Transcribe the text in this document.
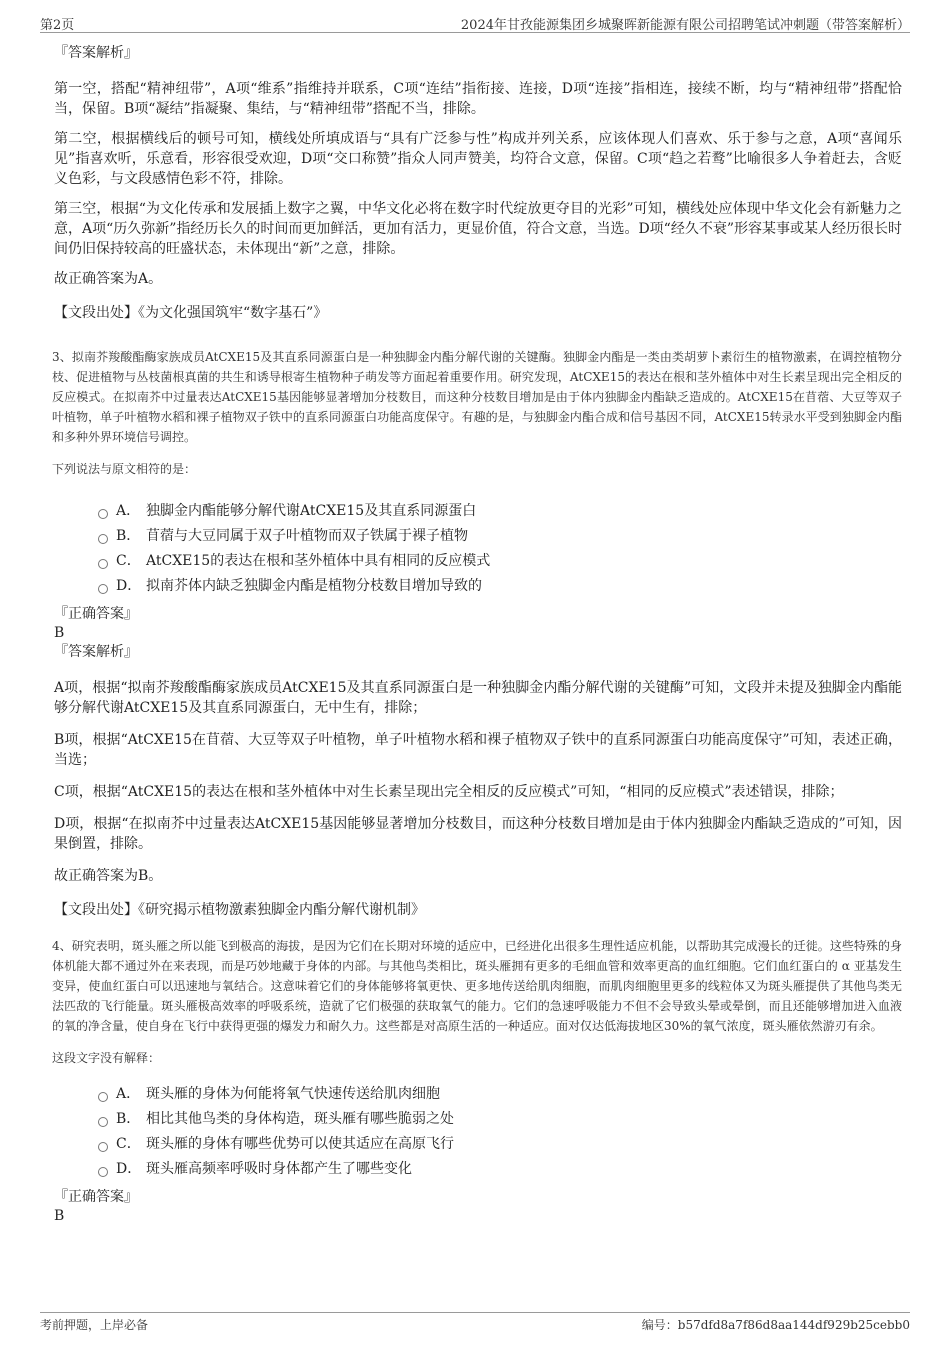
第2页	2024年甘孜能源集团乡城聚晖新能源有限公司招聘笔试冲刺题（带答案解析）

『答案解析』

第一空，搭配“精神纽带”，A项“维系”指维持并联系，C项“连结”指衔接、连接，D项“连接”指相连，接续不断，均与“精神纽带”搭配恰当，保留。B项“凝结”指凝聚、集结，与“精神纽带”搭配不当，排除。

第二空，根据横线后的顿号可知，横线处所填成语与“具有广泛参与性”构成并列关系，应该体现人们喜欢、乐于参与之意，A项“喜闻乐见”指喜欢听，乐意看，形容很受欢迎，D项“交口称赞”指众人同声赞美，均符合文意，保留。C项“趋之若鹜”比喻很多人争着赶去，含贬义色彩，与文段感情色彩不符，排除。

第三空，根据“为文化传承和发展插上数字之翼，中华文化必将在数字时代绽放更夺目的光彩”可知，横线处应体现中华文化会有新魅力之意，A项“历久弥新”指经历长久的时间而更加鲜活，更加有活力，更显价值，符合文意，当选。D项“经久不衰”形容某事或某人经历很长时间仍旧保持较高的旺盛状态，未体现出“新”之意，排除。

故正确答案为A。

【文段出处】《为文化强国筑牢“数字基石”》

3、拟南芥羧酸酯酶家族成员AtCXE15及其直系同源蛋白是一种独脚金内酯分解代谢的关键酶。独脚金内酯是一类由类胡萝卜素衍生的植物激素，在调控植物分枝、促进植物与丛枝菌根真菌的共生和诱导根寄生植物种子萌发等方面起着重要作用。研究发现，AtCXE15的表达在根和茎外植体中对生长素呈现出完全相反的反应模式。在拟南芥中过量表达AtCXE15基因能够显著增加分枝数目，而这种分枝数目增加是由于体内独脚金内酯缺乏造成的。AtCXE15在苜蓿、大豆等双子叶植物，单子叶植物水稻和裸子植物双子铁中的直系同源蛋白功能高度保守。有趣的是，与独脚金内酯合成和信号基因不同，AtCXE15转录水平受到独脚金内酯和多种外界环境信号调控。

下列说法与原文相符的是：

A． 独脚金内酯能够分解代谢AtCXE15及其直系同源蛋白
B． 苜蓿与大豆同属于双子叶植物而双子铁属于裸子植物
C． AtCXE15的表达在根和茎外植体中具有相同的反应模式
D． 拟南芥体内缺乏独脚金内酯是植物分枝数目增加导致的

『正确答案』

B

『答案解析』

A项，根据“拟南芥羧酸酯酶家族成员AtCXE15及其直系同源蛋白是一种独脚金内酯分解代谢的关键酶”可知，文段并未提及独脚金内酯能够分解代谢AtCXE15及其直系同源蛋白，无中生有，排除；

B项，根据“AtCXE15在苜蓿、大豆等双子叶植物，单子叶植物水稻和裸子植物双子铁中的直系同源蛋白功能高度保守”可知，表述正确，当选；

C项，根据“AtCXE15的表达在根和茎外植体中对生长素呈现出完全相反的反应模式”可知，“相同的反应模式”表述错误，排除；

D项，根据“在拟南芥中过量表达AtCXE15基因能够显著增加分枝数目，而这种分枝数目增加是由于体内独脚金内酯缺乏造成的”可知，因果倒置，排除。

故正确答案为B。

【文段出处】《研究揭示植物激素独脚金内酯分解代谢机制》

4、研究表明，斑头雁之所以能飞到极高的海拔，是因为它们在长期对环境的适应中，已经进化出很多生理性适应机能，以帮助其完成漫长的迁徙。这些特殊的身体机能大都不通过外在来表现，而是巧妙地藏于身体的内部。与其他鸟类相比，斑头雁拥有更多的毛细血管和效率更高的血红细胞。它们血红蛋白的 α 亚基发生变异，使血红蛋白可以迅速地与氧结合。这意味着它们的身体能够将氧更快、更多地传送给肌肉细胞，而肌肉细胞里更多的线粒体又为斑头雁提供了其他鸟类无法匹敌的飞行能量。斑头雁极高效率的呼吸系统，造就了它们极强的获取氧气的能力。它们的急速呼吸能力不但不会导致头晕或晕倒，而且还能够增加进入血液的氧的净含量，使自身在飞行中获得更强的爆发力和耐久力。这些都是对高原生活的一种适应。面对仅达低海拔地区30%的氧气浓度，斑头雁依然游刃有余。

这段文字没有解释：

A． 斑头雁的身体为何能将氧气快速传送给肌肉细胞
B． 相比其他鸟类的身体构造，斑头雁有哪些脆弱之处
C． 斑头雁的身体有哪些优势可以使其适应在高原飞行
D． 斑头雁高频率呼吸时身体都产生了哪些变化

『正确答案』

B

考前押题，上岸必备	编号：b57dfd8a7f86d8aa144df929b25cebb0
